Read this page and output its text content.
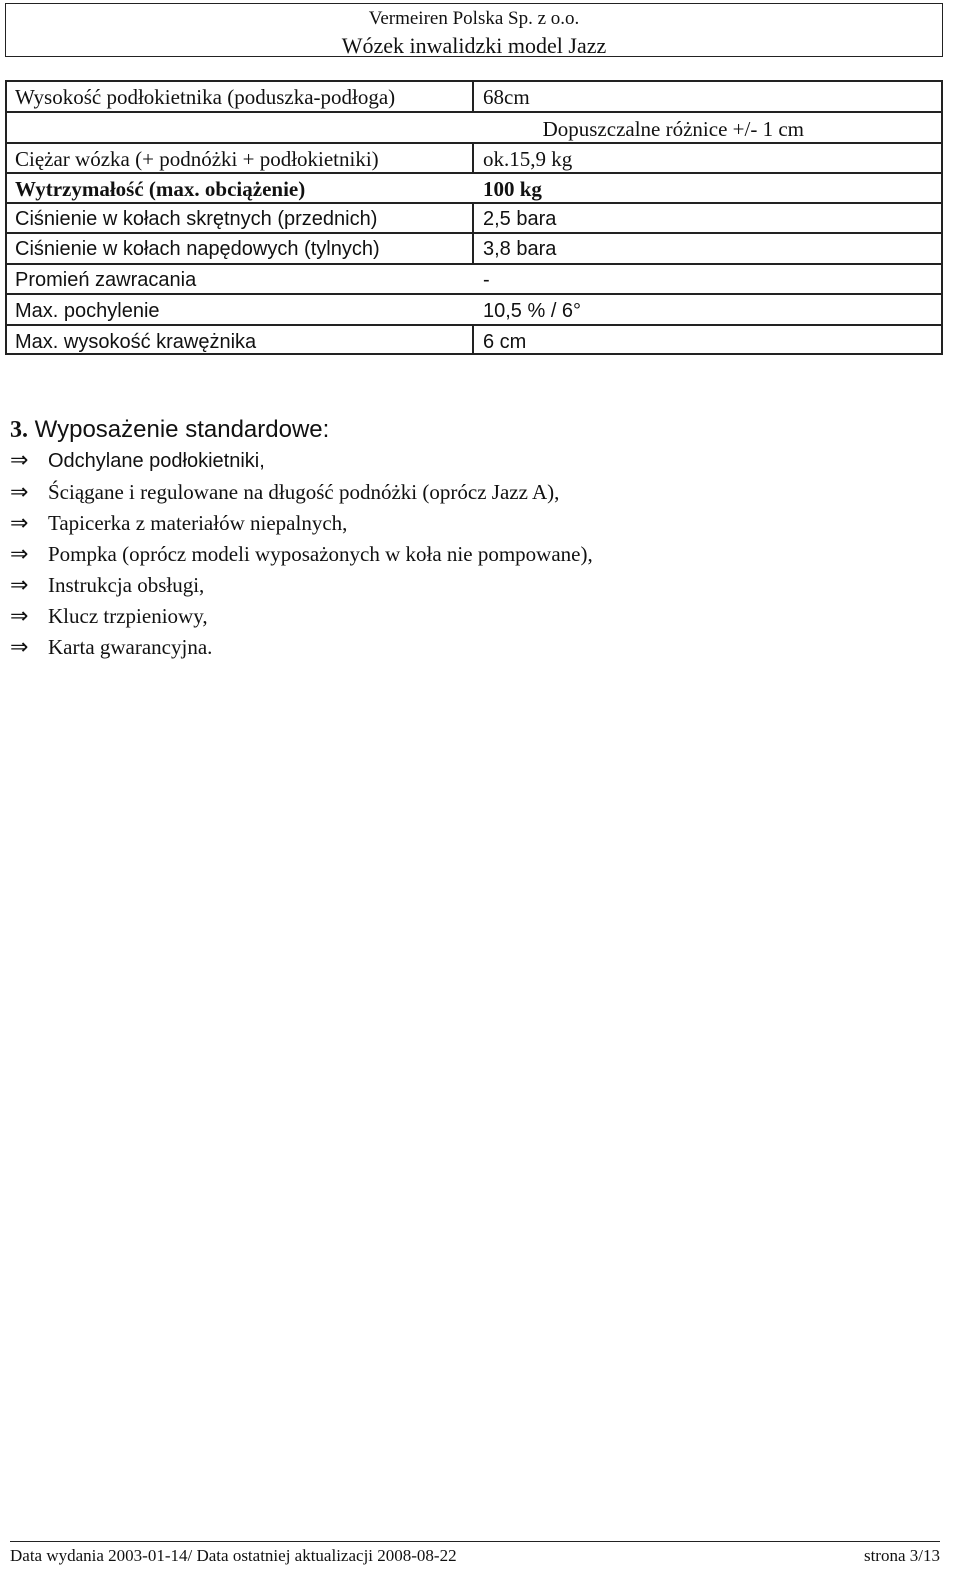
Vermeiren Polska Sp. z o.o.
Wózek inwalidzki model Jazz
Wysokość podłokietnika (poduszka-podłoga)	68cm
Dopuszczalne różnice +/- 1 cm
Ciężar wózka (+ podnóżki + podłokietniki)	ok.15,9 kg
Wytrzymałość (max. obciążenie)	100 kg
Ciśnienie w kołach skrętnych (przednich)	2,5 bara
Ciśnienie w kołach napędowych (tylnych)	3,8 bara
Promień zawracania	-
Max. pochylenie	10,5 % / 6°
Max. wysokość krawężnika	6 cm
3. Wyposażenie standardowe:
⇒ Odchylane podłokietniki,
⇒ Ściągane i regulowane na długość podnóżki (oprócz Jazz A),
⇒ Tapicerka z materiałów niepalnych,
⇒ Pompka (oprócz modeli wyposażonych w koła nie pompowane),
⇒ Instrukcja obsługi,
⇒ Klucz trzpieniowy,
⇒ Karta gwarancyjna.
Data wydania 2003-01-14/ Data ostatniej aktualizacji 2008-08-22	strona 3/13
